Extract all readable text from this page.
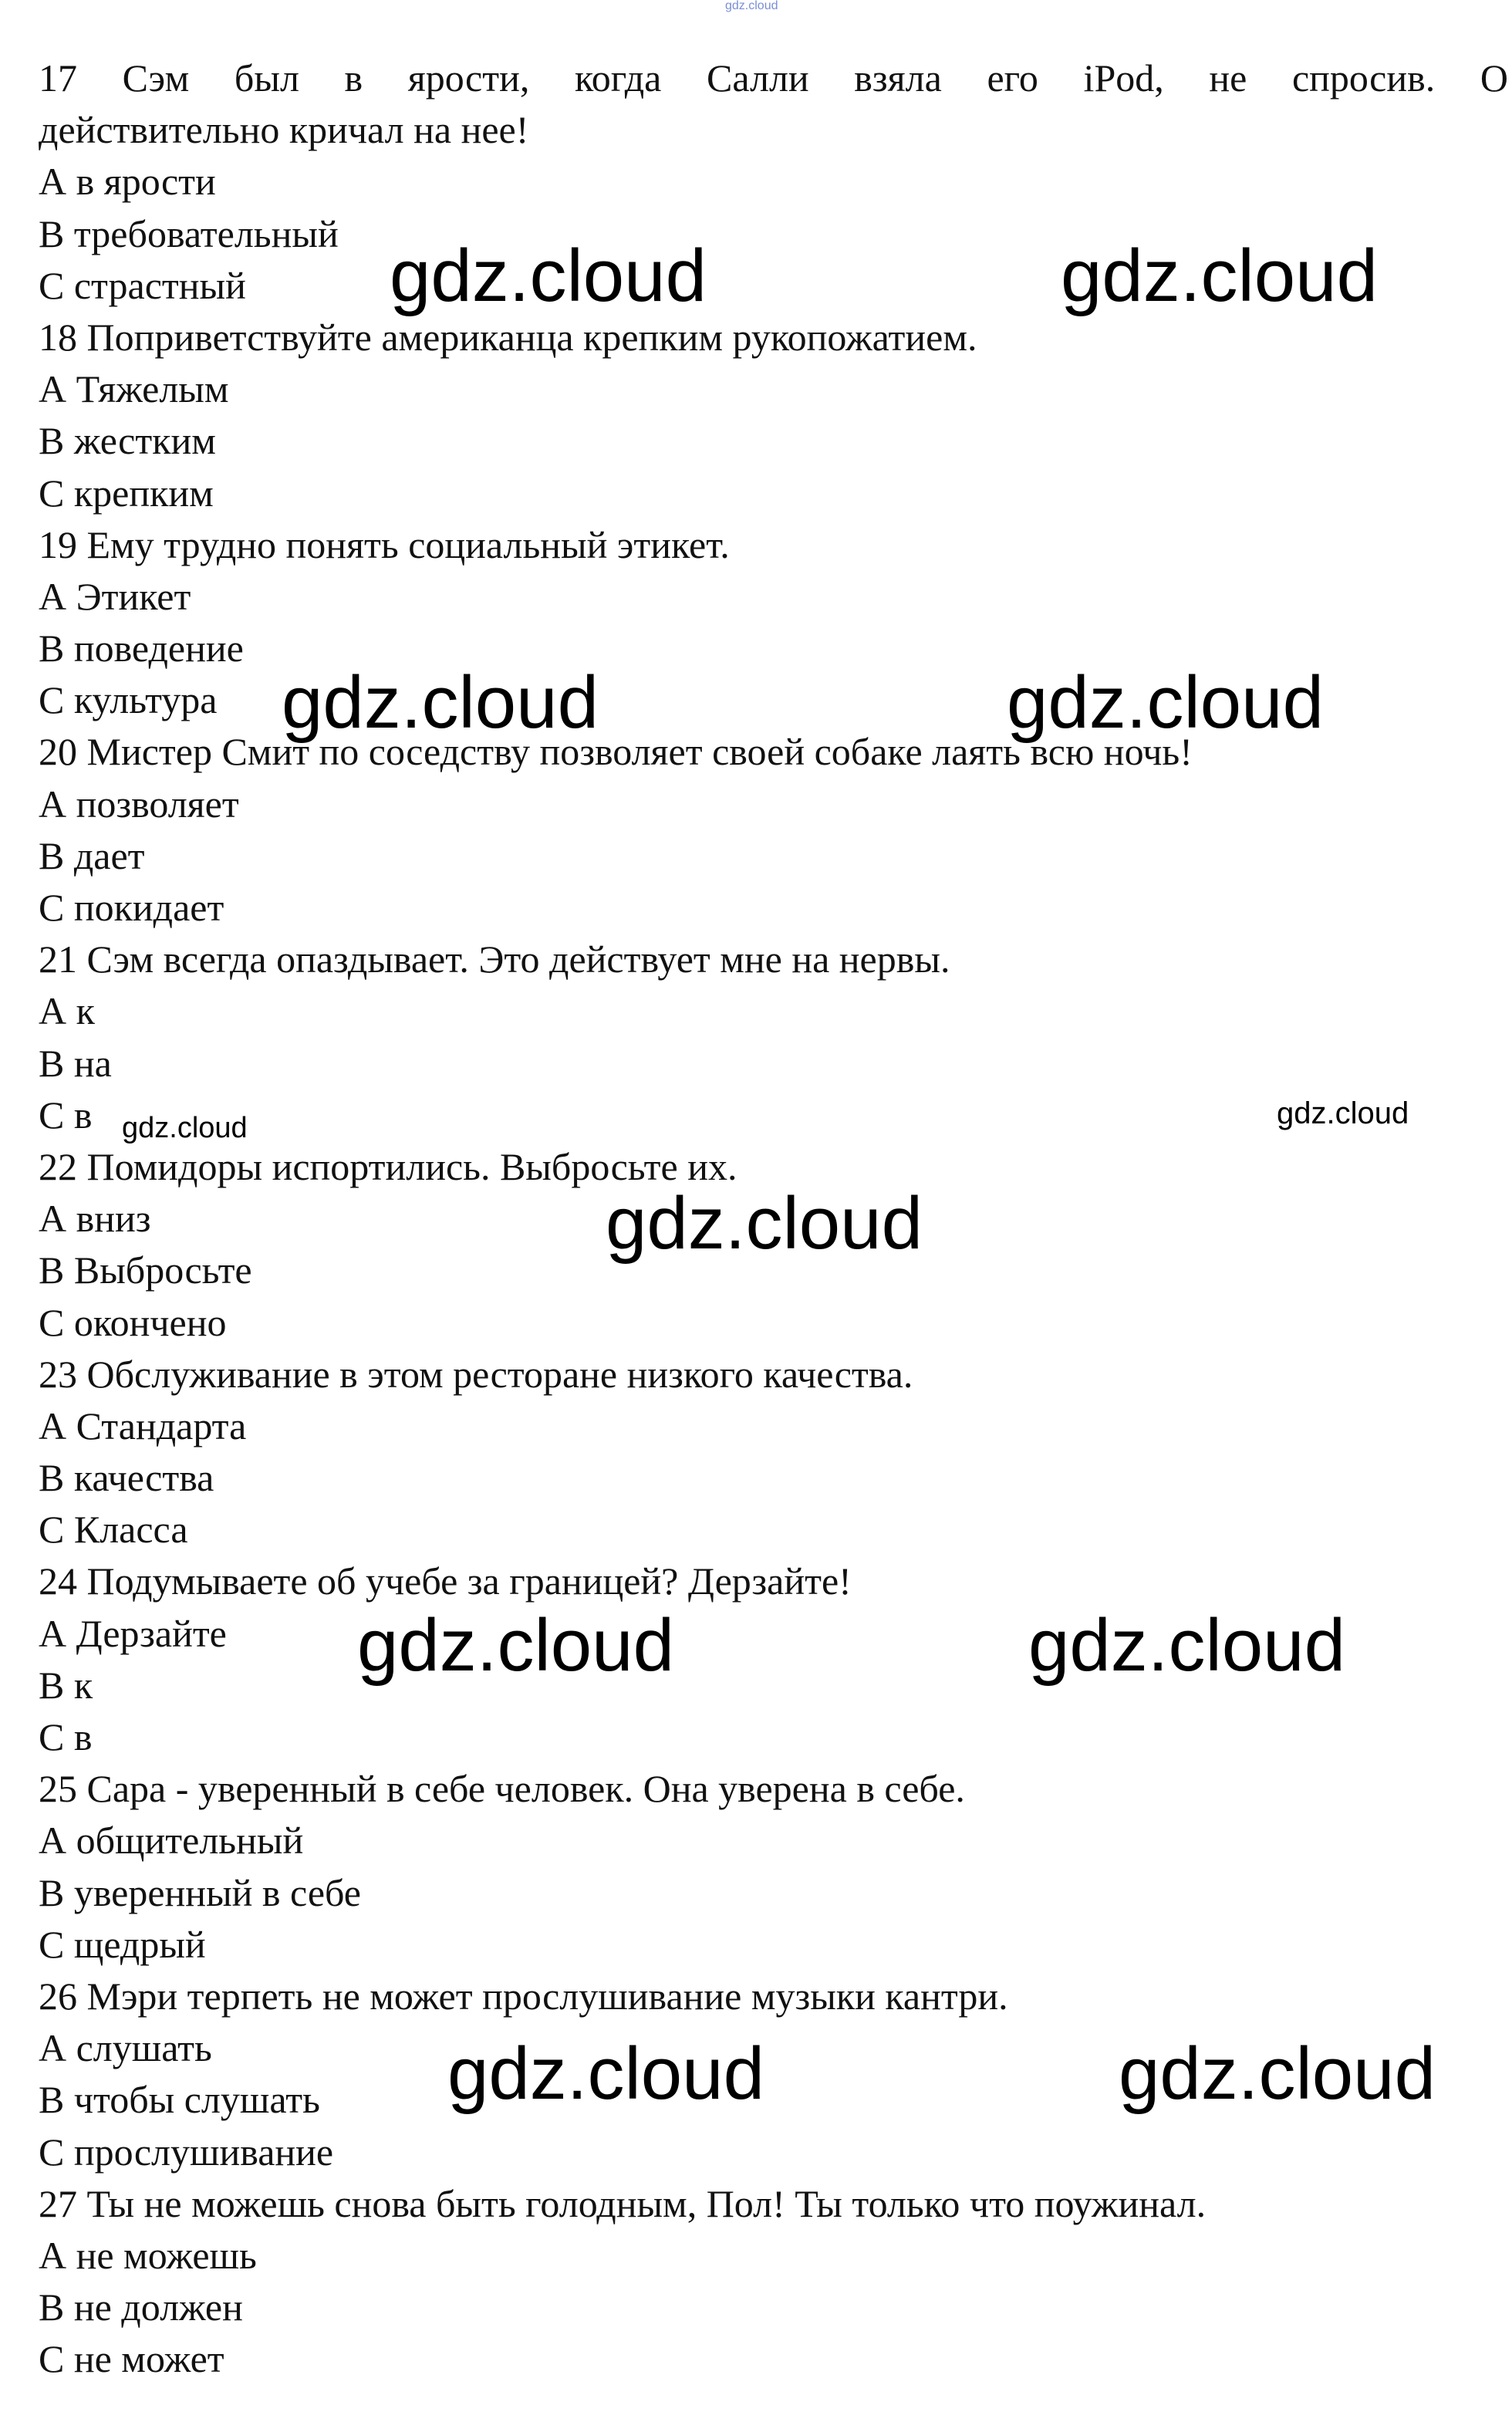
gdz.cloud
17 Сэм был в ярости, когда Салли взяла его iPod, не спросив. О
действительно кричал на нее!
А в ярости
В требовательный
С страстный
18 Поприветствуйте американца крепким рукопожатием.
А Тяжелым
В жестким
С крепким
19 Ему трудно понять социальный этикет.
А Этикет
В поведение
С культура
20 Мистер Смит по соседству позволяет своей собаке лаять всю ночь!
А позволяет
В дает
С покидает
21 Сэм всегда опаздывает. Это действует мне на нервы.
А к
В на
С в
22 Помидоры испортились. Выбросьте их.
А вниз
В Выбросьте
С окончено
23 Обслуживание в этом ресторане низкого качества.
А Стандарта
В качества
С Класса
24 Подумываете об учебе за границей? Дерзайте!
А Дерзайте
В к
С в
25 Сара - уверенный в себе человек. Она уверена в себе.
А общительный
В уверенный в себе
С щедрый
26 Мэри терпеть не может прослушивание музыки кантри.
А слушать
В чтобы слушать
С прослушивание
27 Ты не можешь снова быть голодным, Пол! Ты только что поужинал.
А не можешь
В не должен
С не может
gdz.cloud	gdz.cloud
gdz.cloud	gdz.cloud
gdz.cloud
gdz.cloud
gdz.cloud
gdz.cloud	gdz.cloud
gdz.cloud	gdz.cloud
